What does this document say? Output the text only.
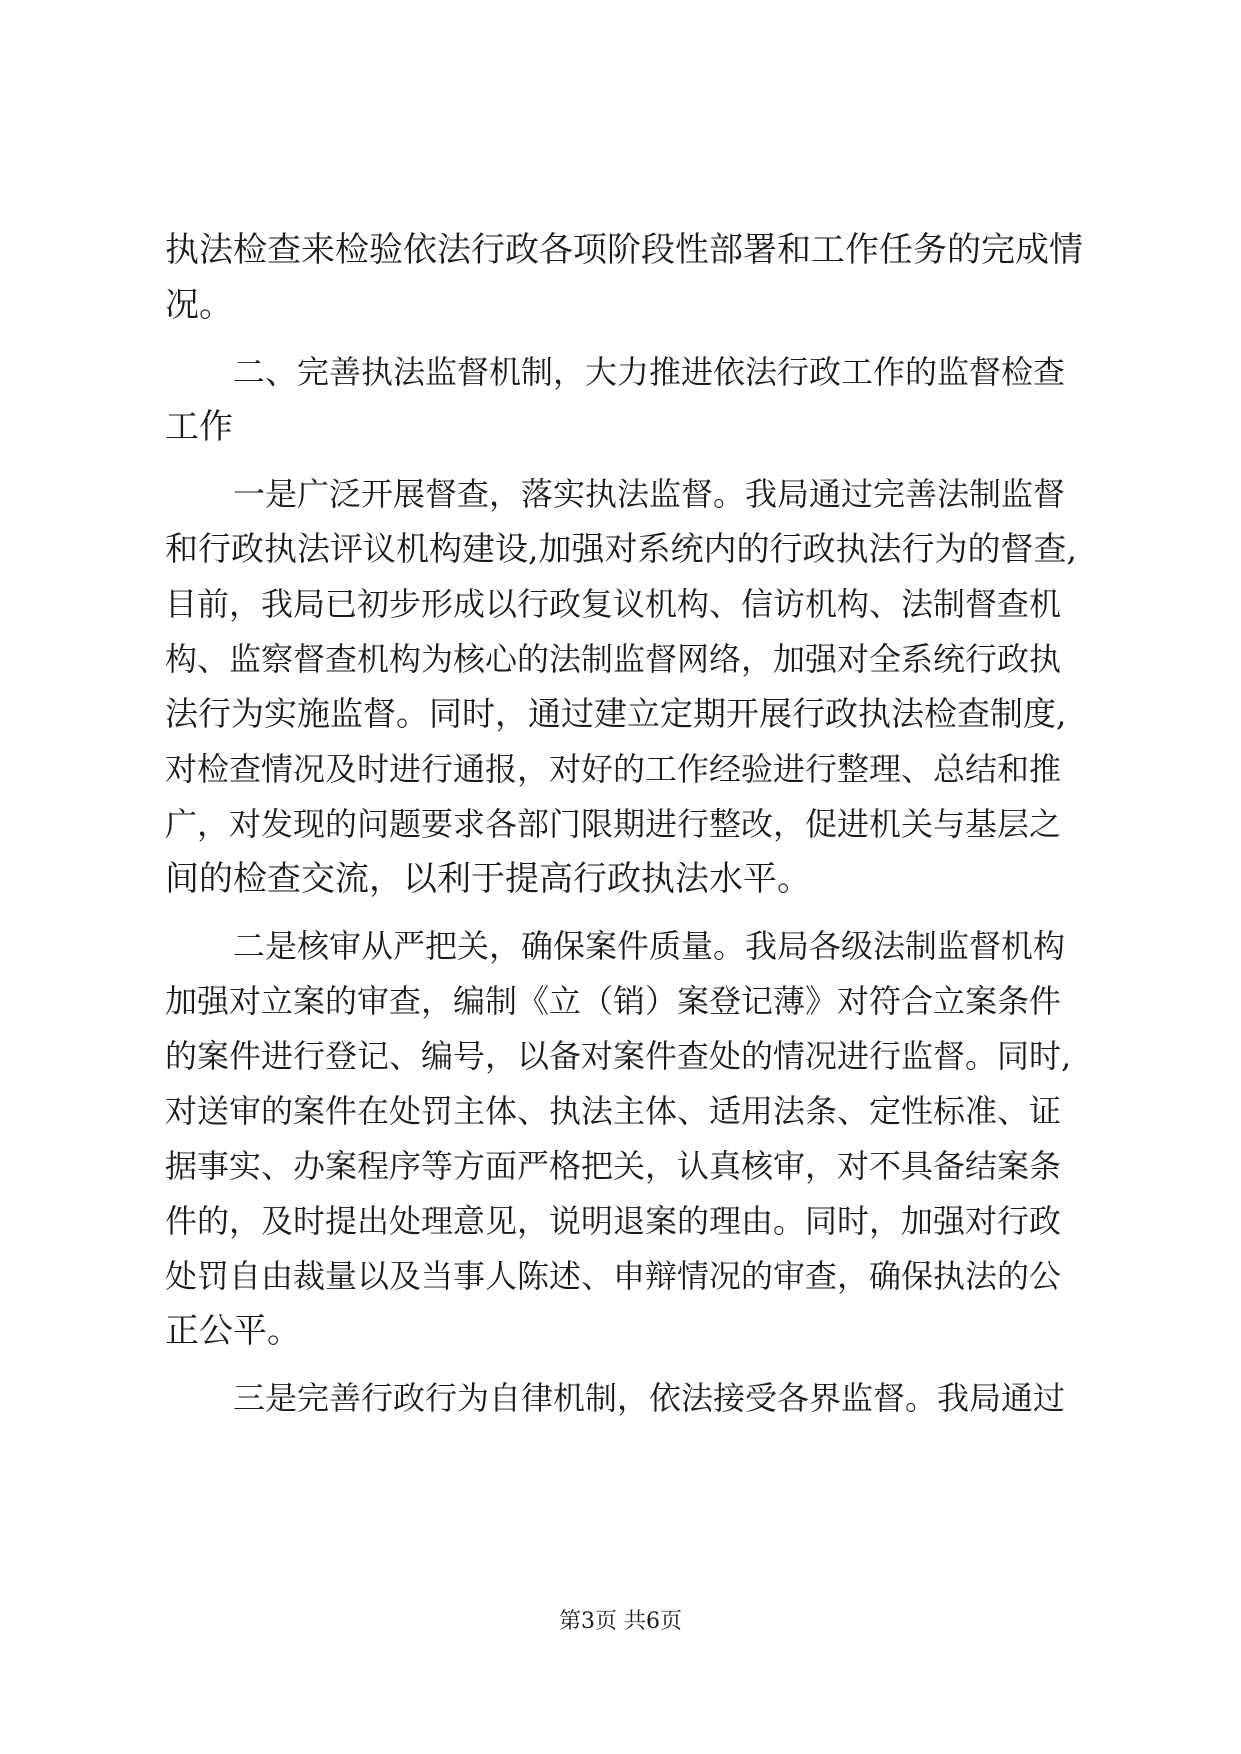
执法检查来检验依法行政各项阶段性部署和工作任务的完成情
况。
二、完善执法监督机制，大力推进依法行政工作的监督检查
工作
一是广泛开展督查，落实执法监督。我局通过完善法制监督
和行政执法评议机构建设,加强对系统内的行政执法行为的督查,
目前，我局已初步形成以行政复议机构、信访机构、法制督查机
构、监察督查机构为核心的法制监督网络，加强对全系统行政执
法行为实施监督。同时，通过建立定期开展行政执法检查制度,
对检查情况及时进行通报，对好的工作经验进行整理、总结和推
广，对发现的问题要求各部门限期进行整改，促进机关与基层之
间的检查交流，以利于提高行政执法水平。
二是核审从严把关，确保案件质量。我局各级法制监督机构
加强对立案的审查，编制《立（销）案登记薄》对符合立案条件
的案件进行登记、编号，以备对案件查处的情况进行监督。同时,
对送审的案件在处罚主体、执法主体、适用法条、定性标准、证
据事实、办案程序等方面严格把关，认真核审，对不具备结案条
件的，及时提出处理意见，说明退案的理由。同时，加强对行政
处罚自由裁量以及当事人陈述、申辩情况的审查，确保执法的公
正公平。
三是完善行政行为自律机制，依法接受各界监督。我局通过
第3页 共6页
